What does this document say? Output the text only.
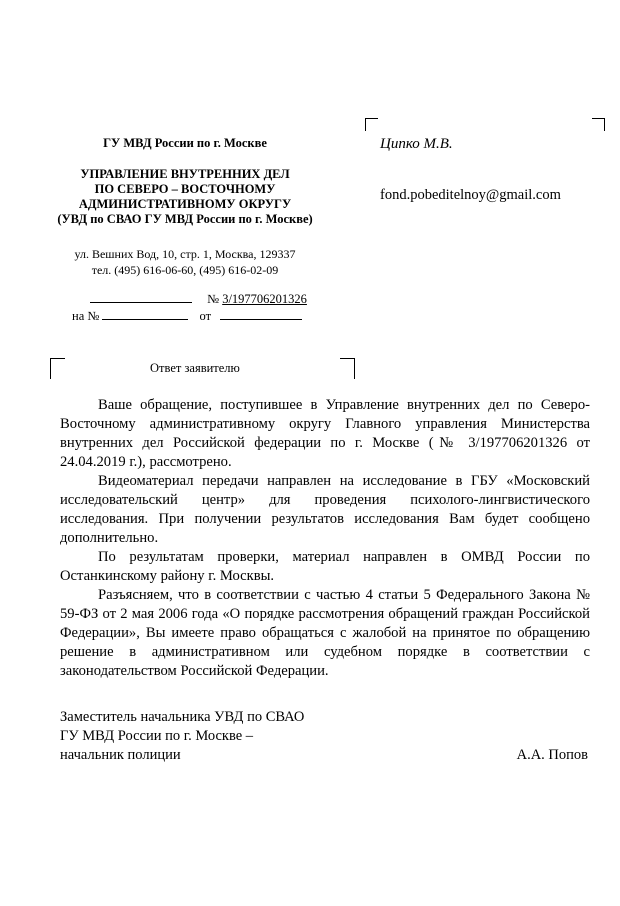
ГУ МВД России по г. Москве
УПРАВЛЕНИЕ ВНУТРЕННИХ ДЕЛ
ПО СЕВЕРО – ВОСТОЧНОМУ
АДМИНИСТРАТИВНОМУ ОКРУГУ
(УВД по СВАО ГУ МВД России по г. Москве)
ул. Вешних Вод, 10, стр. 1, Москва, 129337
тел. (495) 616-06-60, (495) 616-02-09
№ 3/197706201326
на №	от
Ципко М.В.
fond.pobeditelnoy@gmail.com
Ответ заявителю

Ваше обращение, поступившее в Управление внутренних дел по Северо-Восточному административному округу Главного управления Министерства внутренних дел Российской федерации по г. Москве (№ 3/197706201326 от 24.04.2019 г.), рассмотрено.

Видеоматериал передачи направлен на исследование в ГБУ «Московский исследовательский центр» для проведения психолого-лингвистического исследования. При получении результатов исследования Вам будет сообщено дополнительно.

По результатам проверки, материал направлен в ОМВД России по Останкинскому району г. Москвы.

Разъясняем, что в соответствии с частью 4 статьи 5 Федерального Закона № 59-ФЗ от 2 мая 2006 года «О порядке рассмотрения обращений граждан Российской Федерации», Вы имеете право обращаться с жалобой на принятое по обращению решение в административном или судебном порядке в соответствии с законодательством Российской Федерации.

Заместитель начальника УВД по СВАО
ГУ МВД России по г. Москве –
начальник полиции	А.А. Попов
